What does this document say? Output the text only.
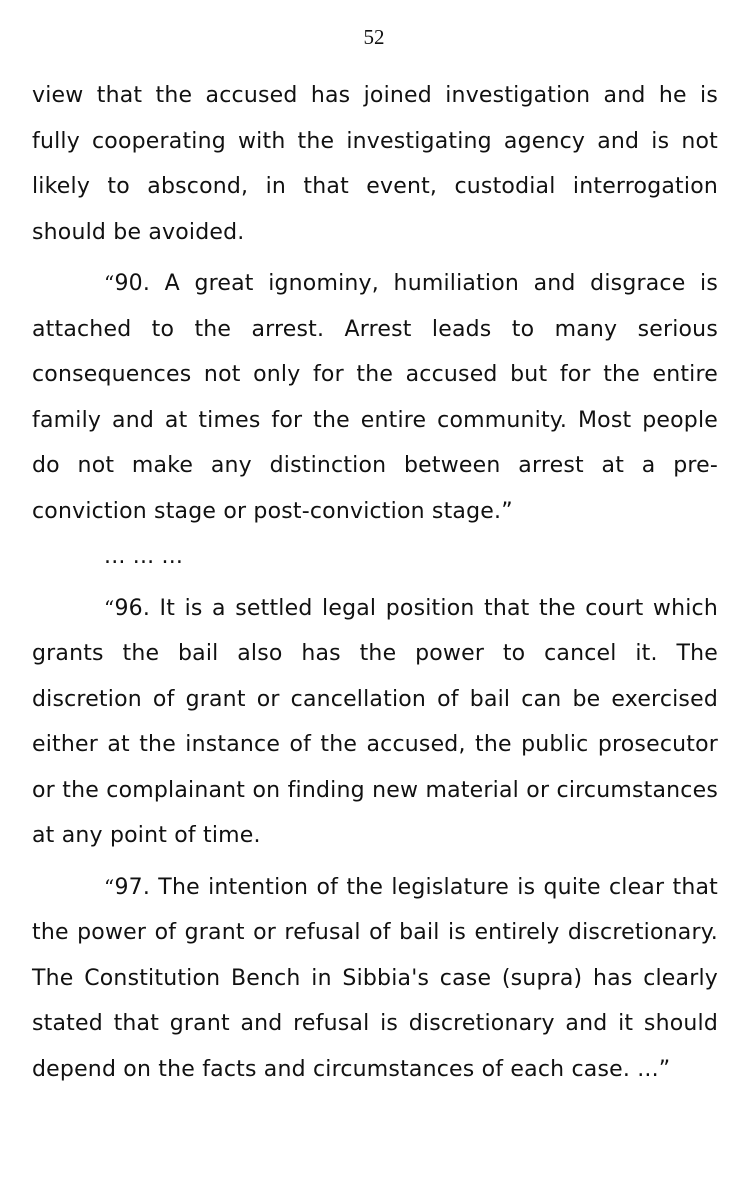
52

view that the accused has joined investigation and he is fully cooperating with the investigating agency and is not likely to abscond, in that event, custodial interrogation should be avoided.

“90. A great ignominy, humiliation and disgrace is attached to the arrest. Arrest leads to many serious consequences not only for the accused but for the entire family and at times for the entire community. Most people do not make any distinction between arrest at a pre-conviction stage or post-conviction stage.”

... ... ...

“96. It is a settled legal position that the court which grants the bail also has the power to cancel it. The discretion of grant or cancellation of bail can be exercised either at the instance of the accused, the public prosecutor or the complainant on finding new material or circumstances at any point of time.

“97. The intention of the legislature is quite clear that the power of grant or refusal of bail is entirely discretionary. The Constitution Bench in Sibbia's case (supra) has clearly stated that grant and refusal is discretionary and it should depend on the facts and circumstances of each case. ...”
